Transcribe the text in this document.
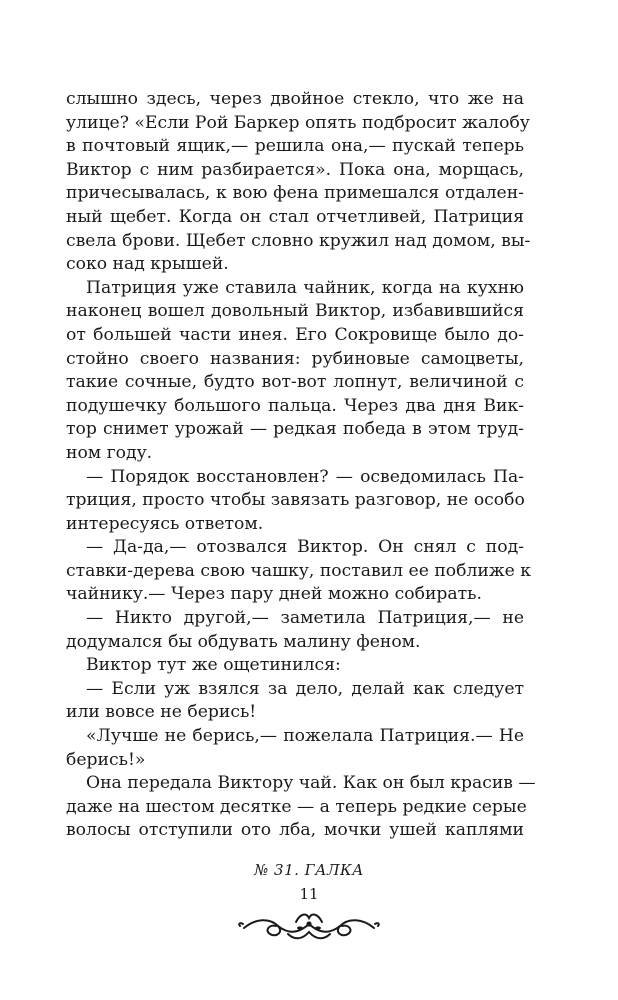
слышно здесь, через двойное стекло, что же на
улице? «Если Рой Баркер опять подбросит жалобу
в почтовый ящик,— решила она,— пускай теперь
Виктор с ним разбирается». Пока она, морщась,
причесывалась, к вою фена примешался отдален-
ный щебет. Когда он стал отчетливей, Патриция
свела брови. Щебет словно кружил над домом, вы-
соко над крышей.
Патриция уже ставила чайник, когда на кухню
наконец вошел довольный Виктор, избавившийся
от большей части инея. Его Сокровище было до-
стойно своего названия: рубиновые самоцветы,
такие сочные, будто вот-вот лопнут, величиной с
подушечку большого пальца. Через два дня Вик-
тор снимет урожай — редкая победа в этом труд-
ном году.
— Порядок восстановлен? — осведомилась Па-
триция, просто чтобы завязать разговор, не особо
интересуясь ответом.
— Да-да,— отозвался Виктор. Он снял с под-
ставки-дерева свою чашку, поставил ее поближе к
чайнику.— Через пару дней можно собирать.
— Никто другой,— заметила Патриция,— не
додумался бы обдувать малину феном.
Виктор тут же ощетинился:
— Если уж взялся за дело, делай как следует
или вовсе не берись!
«Лучше не берись,— пожелала Патриция.— Не
берись!»
Она передала Виктору чай. Как он был красив —
даже на шестом десятке — а теперь редкие серые
волосы отступили ото лба, мочки ушей каплями
№ 31. ГАЛКА
11
